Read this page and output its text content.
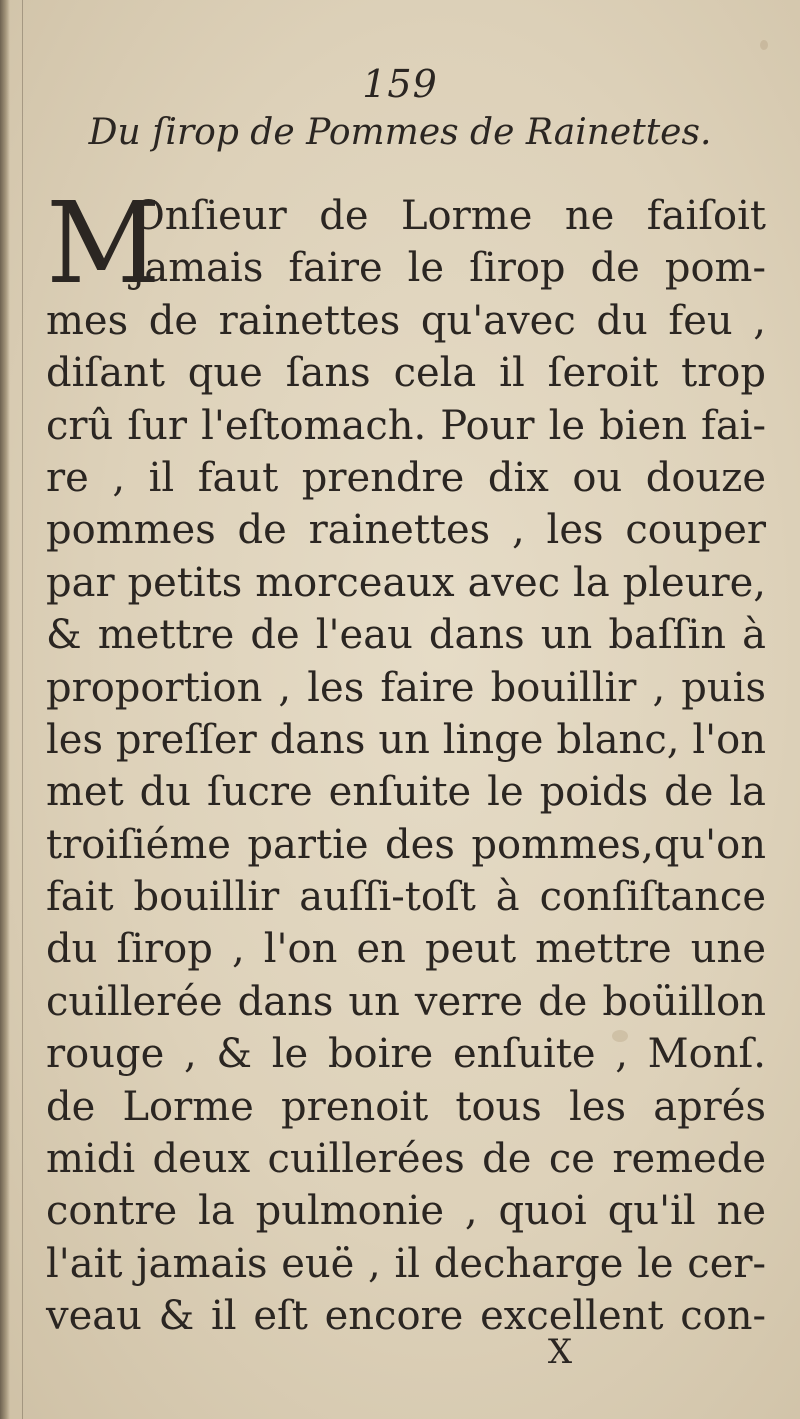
159
Du ſirop de Pommes de Rainettes.
M
Onſieur de Lorme ne faiſoit
jamais faire le ſirop de pom-
mes de rainettes qu'avec du feu ,
diſant que ſans cela il ſeroit trop
crû ſur l'eſtomach. Pour le bien fai-
re , il faut prendre dix ou douze
pommes de rainettes , les couper
par petits morceaux avec la pleure,
& mettre de l'eau dans un baſſin à
proportion , les faire bouillir , puis
les preſſer dans un linge blanc, l'on
met du ſucre enſuite le poids de la
troiſiéme partie des pommes,qu'on
fait bouillir auſſi-toſt à conſiſtance
du ſirop , l'on en peut mettre une
cuillerée dans un verre de boüillon
rouge , & le boire enſuite , Monſ.
de Lorme prenoit tous les aprés
midi deux cuillerées de ce remede
contre la pulmonie , quoi qu'il ne
l'ait jamais euë , il decharge le cer-
veau & il eſt encore excellent con-
X
